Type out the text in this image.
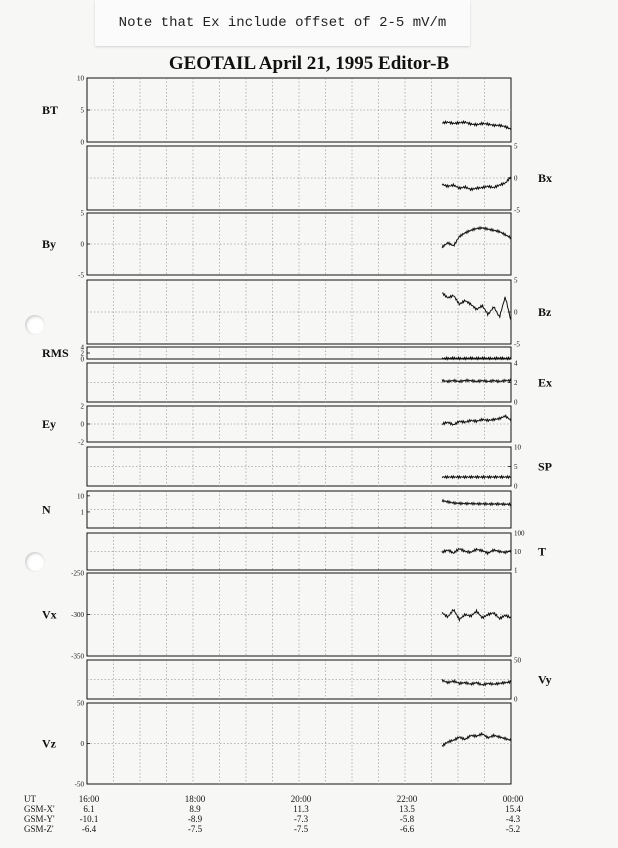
Note that Ex include offset of 2-5 mV/m
GEOTAIL April 21, 1995 Editor-B
0
5
10
BT
-5
0
5
Bx
-5
0
5
By
-5
0
5
Bz
0
2
4
RMS
0
2
4
Ex
-2
0
2
Ey
0
5
10
SP
1
10
N
1
10
100
T
-350
-300
-250
Vx
0
50
Vy
-50
0
50
Vz
UT	16:00	18:00	20:00	22:00	00:00
GSM-X'	6.1	8.9	11.3	13.5	15.4
GSM-Y'	-10.1	-8.9	-7.3	-5.8	-4.3
GSM-Z'	-6.4	-7.5	-7.5	-6.6	-5.2
